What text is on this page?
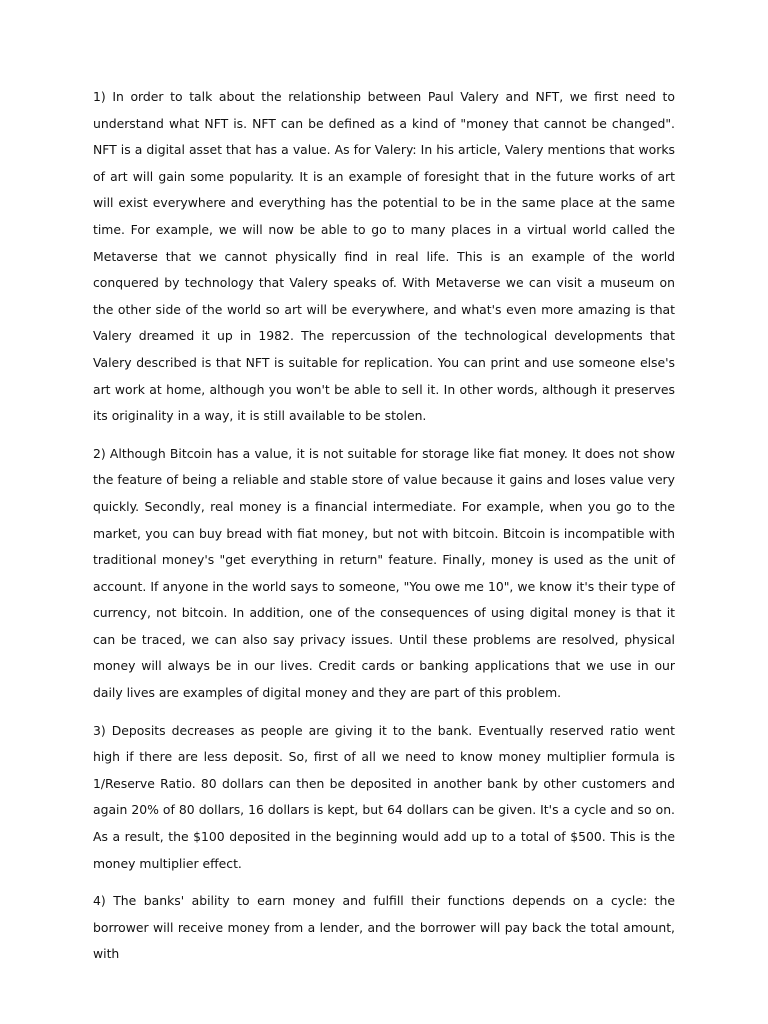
1) In order to talk about the relationship between Paul Valery and NFT, we first need to understand what NFT is. NFT can be defined as a kind of "money that cannot be changed". NFT is a digital asset that has a value. As for Valery: In his article, Valery mentions that works of art will gain some popularity. It is an example of foresight that in the future works of art will exist everywhere and everything has the potential to be in the same place at the same time. For example, we will now be able to go to many places in a virtual world called the Metaverse that we cannot physically find in real life. This is an example of the world conquered by technology that Valery speaks of. With Metaverse we can visit a museum on the other side of the world so art will be everywhere, and what's even more amazing is that Valery dreamed it up in 1982. The repercussion of the technological developments that Valery described is that NFT is suitable for replication. You can print and use someone else's art work at home, although you won't be able to sell it. In other words, although it preserves its originality in a way, it is still available to be stolen.

2) Although Bitcoin has a value, it is not suitable for storage like fiat money. It does not show the feature of being a reliable and stable store of value because it gains and loses value very quickly. Secondly, real money is a financial intermediate. For example, when you go to the market, you can buy bread with fiat money, but not with bitcoin. Bitcoin is incompatible with traditional money's "get everything in return" feature. Finally, money is used as the unit of account. If anyone in the world says to someone, "You owe me 10", we know it's their type of currency, not bitcoin. In addition, one of the consequences of using digital money is that it can be traced, we can also say privacy issues. Until these problems are resolved, physical money will always be in our lives. Credit cards or banking applications that we use in our daily lives are examples of digital money and they are part of this problem.

3) Deposits decreases as people are giving it to the bank. Eventually reserved ratio went high if there are less deposit. So, first of all we need to know money multiplier formula is 1/Reserve Ratio. 80 dollars can then be deposited in another bank by other customers and again 20% of 80 dollars, 16 dollars is kept, but 64 dollars can be given. It's a cycle and so on. As a result, the $100 deposited in the beginning would add up to a total of $500. This is the money multiplier effect.

4) The banks' ability to earn money and fulfill their functions depends on a cycle: the borrower will receive money from a lender, and the borrower will pay back the total amount, with
